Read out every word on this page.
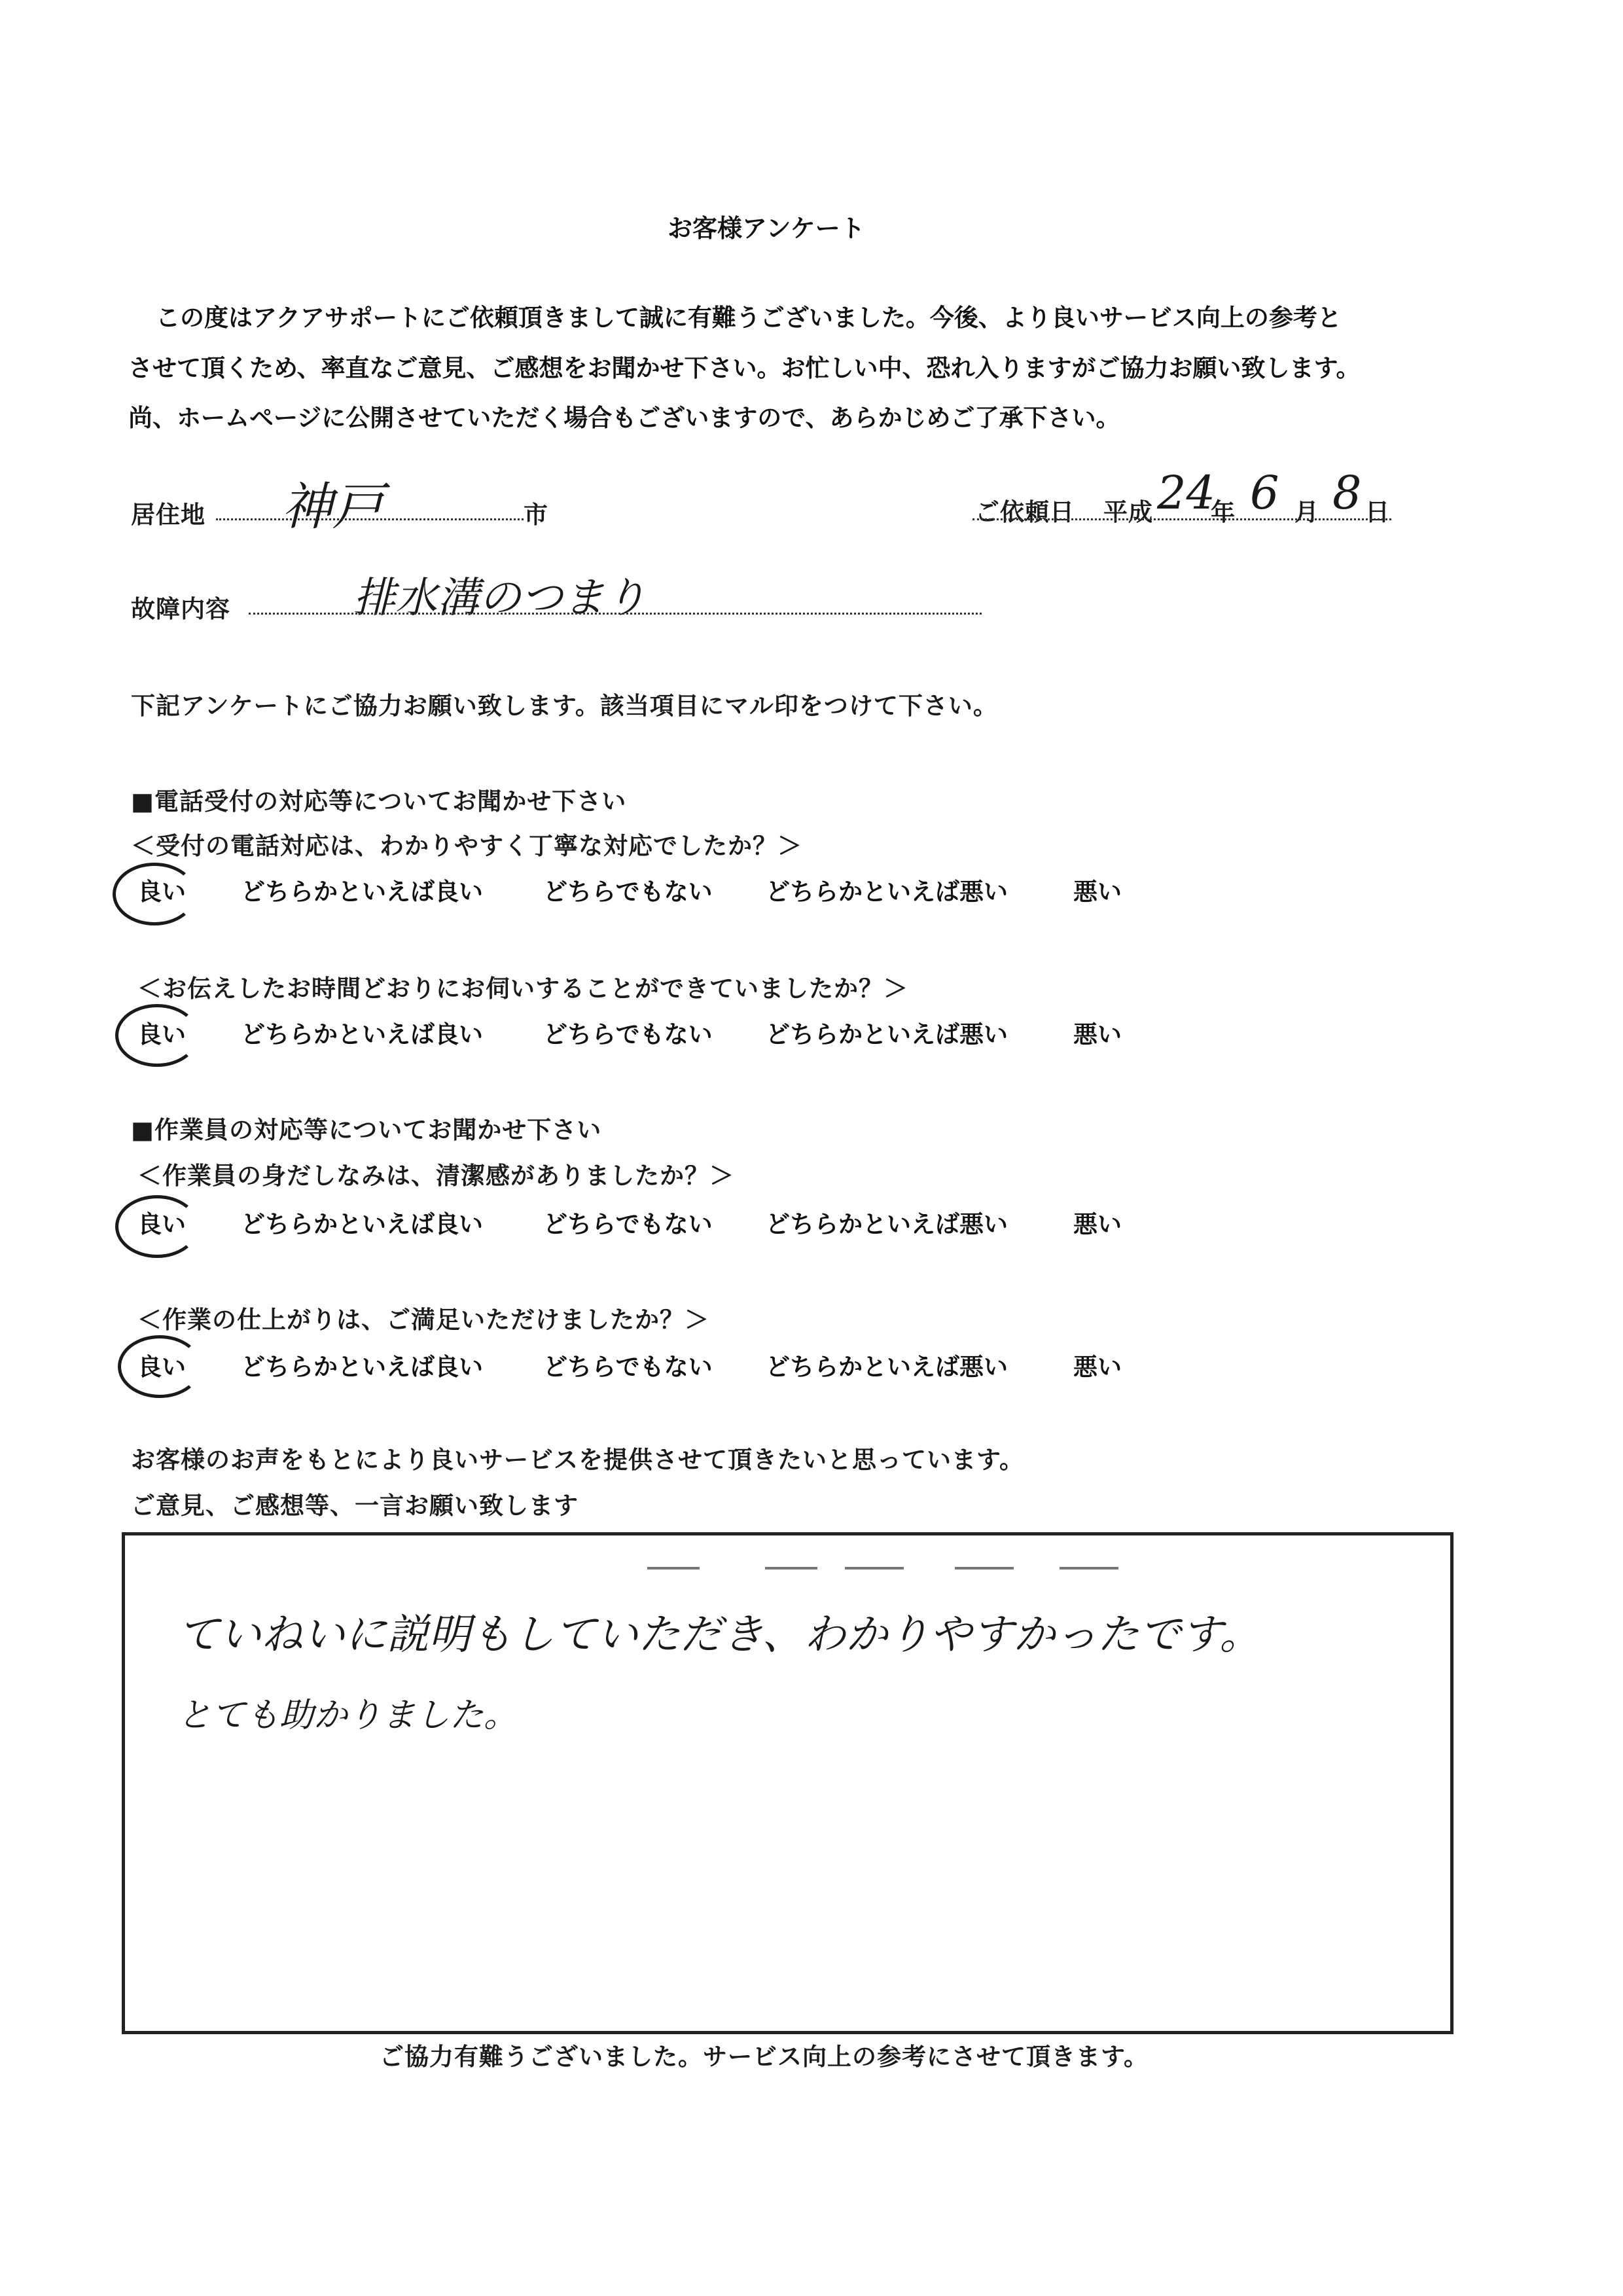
お客様アンケート
この度はアクアサポートにご依頼頂きまして誠に有難うございました。今後、より良いサービス向上の参考と
させて頂くため、率直なご意見、ご感想をお聞かせ下さい。お忙しい中、恐れ入りますがご協力お願い致します。
尚、ホームページに公開させていただく場合もございますので、あらかじめご了承下さい。
居住地 神戸	市	ご依頼日 平成 24
年 6 月 8 日
故障内容	排水溝のつまり
下記アンケートにご協力お願い致します。該当項目にマル印をつけて下さい。
■電話受付の対応等についてお聞かせ下さい
＜受付の電話対応は、わかりやすく丁寧な対応でしたか？＞
良い どちらかといえば良い どちらでもない どちらかといえば悪い	悪い
＜お伝えしたお時間どおりにお伺いすることができていましたか？＞
良い どちらかといえば良い どちらでもない どちらかといえば悪い	悪い
■作業員の対応等についてお聞かせ下さい
＜作業員の身だしなみは、清潔感がありましたか？＞
良い どちらかといえば良い どちらでもない どちらかといえば悪い	悪い
＜作業の仕上がりは、ご満足いただけましたか？＞
良い どちらかといえば良い どちらでもない どちらかといえば悪い	悪い
お客様のお声をもとにより良いサービスを提供させて頂きたいと思っています。
ご意見、ご感想等、一言お願い致します
ていねいに説明もしていただき、わかりやすかったです。
とても助かりました。
ご協力有難うございました。サービス向上の参考にさせて頂きます。
